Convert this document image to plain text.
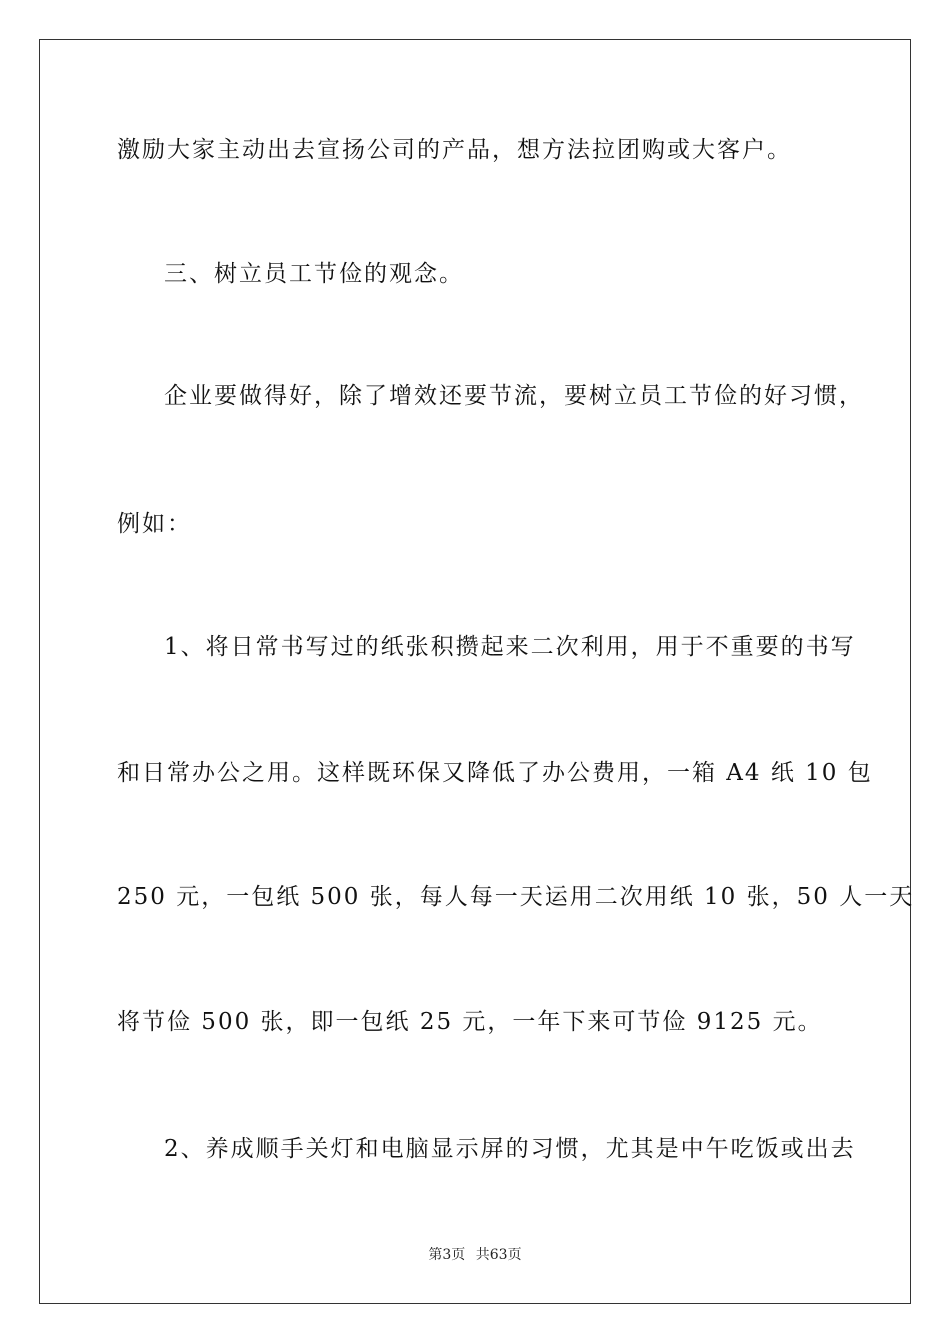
激励大家主动出去宣扬公司的产品，想方法拉团购或大客户。
三、树立员工节俭的观念。
企业要做得好，除了增效还要节流，要树立员工节俭的好习惯，
例如：
1、将日常书写过的纸张积攒起来二次利用，用于不重要的书写
和日常办公之用。这样既环保又降低了办公费用，一箱 A4 纸 10 包
250 元，一包纸 500 张，每人每一天运用二次用纸 10 张，50 人一天
将节俭 500 张，即一包纸 25 元，一年下来可节俭 9125 元。
2、养成顺手关灯和电脑显示屏的习惯，尤其是中午吃饭或出去
第3页 共63页
